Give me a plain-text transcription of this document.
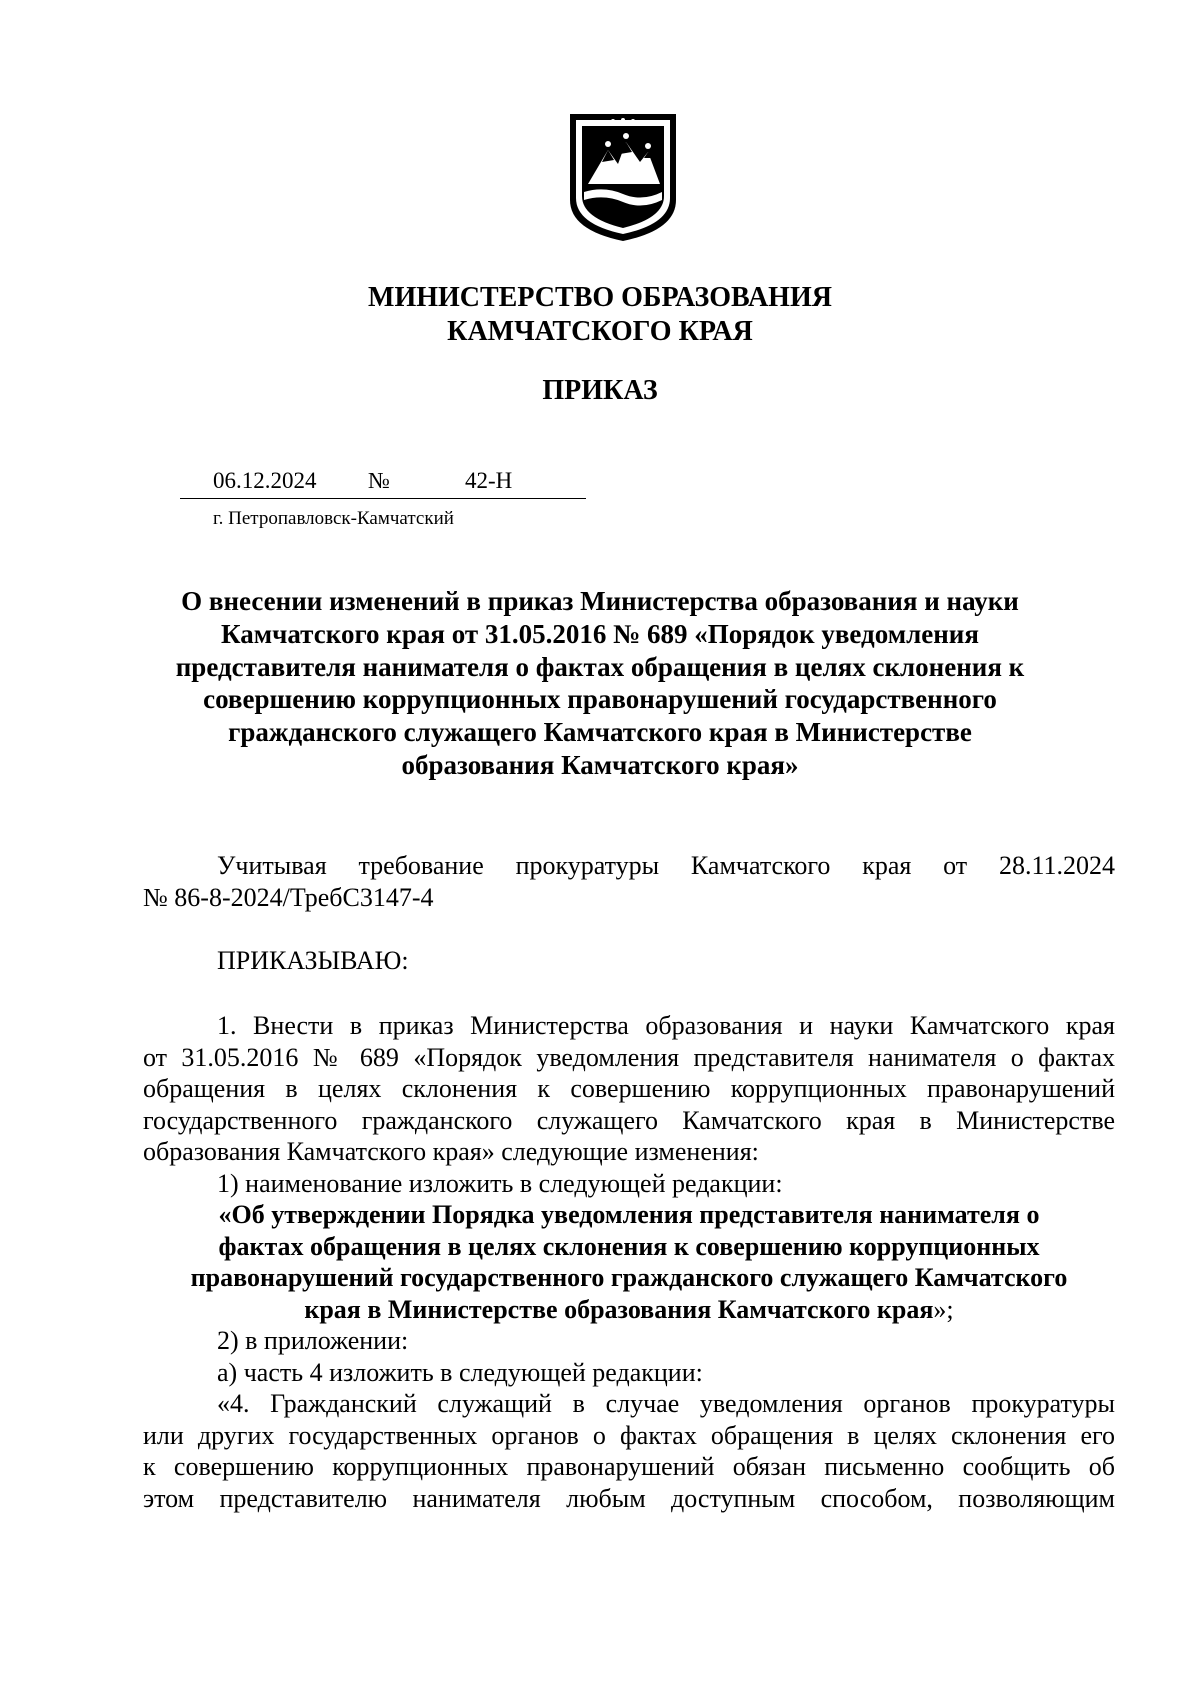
МИНИСТЕРСТВО ОБРАЗОВАНИЯ
КАМЧАТСКОГО КРАЯ
ПРИКАЗ
06.12.2024 №	42-Н
г. Петропавловск-Камчатский
О внесении изменений в приказ Министерства образования и науки
Камчатского края от 31.05.2016 № 689 «Порядок уведомления
представителя нанимателя о фактах обращения в целях склонения к
совершению коррупционных правонарушений государственного
гражданского служащего Камчатского края в Министерстве
образования Камчатского края»
Учитывая требование прокуратуры Камчатского края от 28.11.2024
№ 86-8-2024/ТребС3147-4
ПРИКАЗЫВАЮ:
1. Внести в приказ Министерства образования и науки Камчатского края
от 31.05.2016 № 689 «Порядок уведомления представителя нанимателя о фактах
обращения в целях склонения к совершению коррупционных правонарушений
государственного гражданского служащего Камчатского края в Министерстве
образования Камчатского края» следующие изменения:
1) наименование изложить в следующей редакции:
«Об утверждении Порядка уведомления представителя нанимателя о
фактах обращения в целях склонения к совершению коррупционных
правонарушений государственного гражданского служащего Камчатского
края в Министерстве образования Камчатского края»;
2) в приложении:
а) часть 4 изложить в следующей редакции:
«4. Гражданский служащий в случае уведомления органов прокуратуры
или других государственных органов о фактах обращения в целях склонения его
к совершению коррупционных правонарушений обязан письменно сообщить об
этом представителю нанимателя любым доступным способом, позволяющим
